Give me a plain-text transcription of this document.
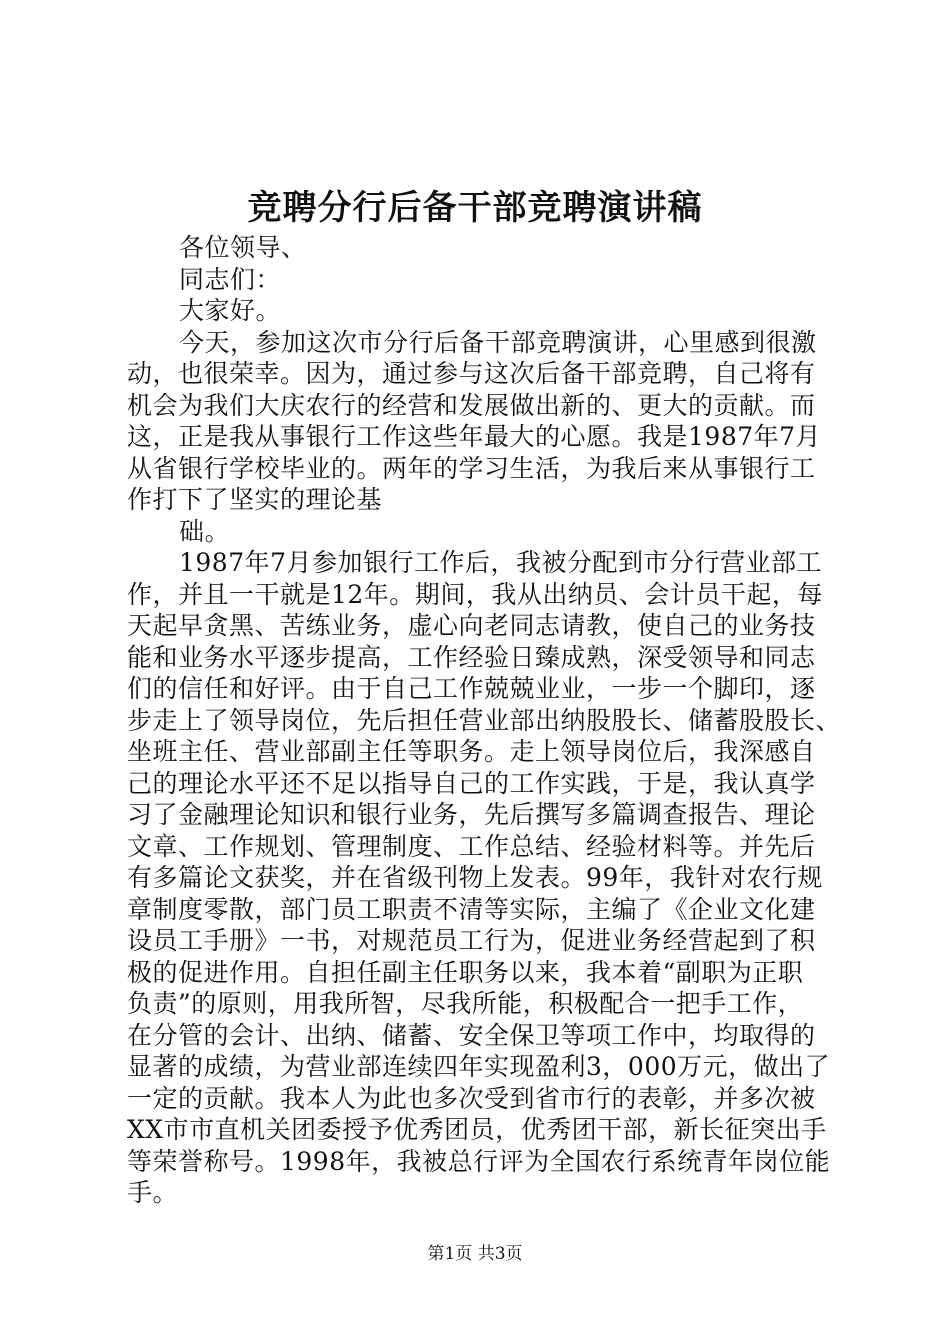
竞聘分行后备干部竞聘演讲稿
各位领导、
同志们：
大家好。
今天，参加这次市分行后备干部竞聘演讲，心里感到很激
动，也很荣幸。因为，通过参与这次后备干部竞聘，自己将有
机会为我们大庆农行的经营和发展做出新的、更大的贡献。而
这，正是我从事银行工作这些年最大的心愿。我是1987年7月
从省银行学校毕业的。两年的学习生活，为我后来从事银行工
作打下了坚实的理论基
础。
1987年7月参加银行工作后，我被分配到市分行营业部工
作，并且一干就是12年。期间，我从出纳员、会计员干起，每
天起早贪黑、苦练业务，虚心向老同志请教，使自己的业务技
能和业务水平逐步提高，工作经验日臻成熟，深受领导和同志
们的信任和好评。由于自己工作兢兢业业，一步一个脚印，逐
步走上了领导岗位，先后担任营业部出纳股股长、储蓄股股长、
坐班主任、营业部副主任等职务。走上领导岗位后，我深感自
己的理论水平还不足以指导自己的工作实践，于是，我认真学
习了金融理论知识和银行业务，先后撰写多篇调查报告、理论
文章、工作规划、管理制度、工作总结、经验材料等。并先后
有多篇论文获奖，并在省级刊物上发表。99年，我针对农行规
章制度零散，部门员工职责不清等实际，主编了《企业文化建
设员工手册》一书，对规范员工行为，促进业务经营起到了积
极的促进作用。自担任副主任职务以来，我本着“副职为正职
负责”的原则，用我所智，尽我所能，积极配合一把手工作，
在分管的会计、出纳、储蓄、安全保卫等项工作中，均取得的
显著的成绩，为营业部连续四年实现盈利3，000万元，做出了
一定的贡献。我本人为此也多次受到省市行的表彰，并多次被
XX市市直机关团委授予优秀团员，优秀团干部，新长征突出手
等荣誉称号。1998年，我被总行评为全国农行系统青年岗位能
手。
第1页 共3页
